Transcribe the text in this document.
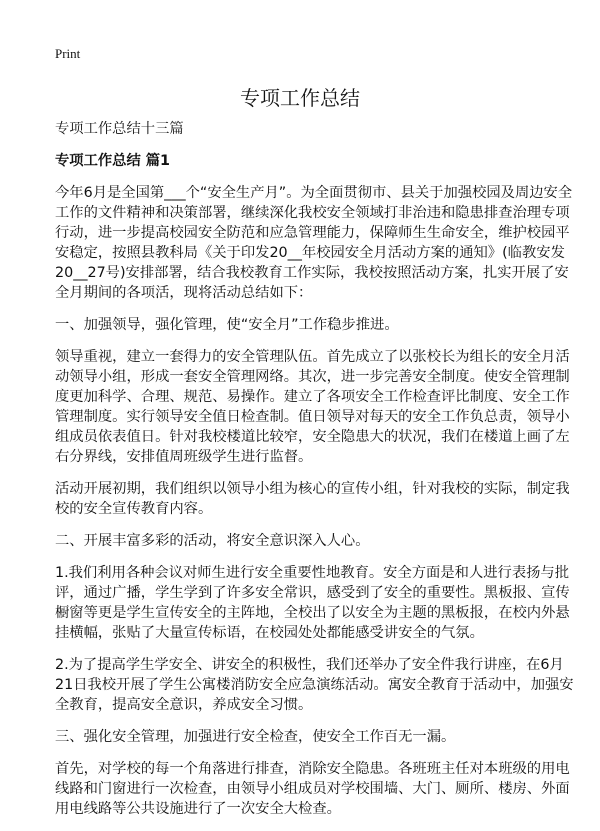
Print
专项工作总结
专项工作总结十三篇
专项工作总结 篇1
今年6月是全国第___个“安全生产月”。为全面贯彻市、县关于加强校园及周边安全
工作的文件精神和决策部署，继续深化我校安全领域打非治违和隐患排查治理专项
行动，进一步提高校园安全防范和应急管理能力，保障师生生命安全，维护校园平
安稳定，按照县教科局《关于印发20__年校园安全月活动方案的通知》(临教安发
20__27号)安排部署，结合我校教育工作实际，我校按照活动方案，扎实开展了安
全月期间的各项活，现将活动总结如下：
一、加强领导，强化管理，使“安全月”工作稳步推进。
领导重视，建立一套得力的安全管理队伍。首先成立了以张校长为组长的安全月活
动领导小组，形成一套安全管理网络。其次，进一步完善安全制度。使安全管理制
度更加科学、合理、规范、易操作。建立了各项安全工作检查评比制度、安全工作
管理制度。实行领导安全值日检查制。值日领导对每天的安全工作负总责，领导小
组成员依表值日。针对我校楼道比较窄，安全隐患大的状况，我们在楼道上画了左
右分界线，安排值周班级学生进行监督。
活动开展初期，我们组织以领导小组为核心的宣传小组，针对我校的实际，制定我
校的安全宣传教育内容。
二、开展丰富多彩的活动，将安全意识深入人心。
1.我们利用各种会议对师生进行安全重要性地教育。安全方面是和人进行表扬与批
评，通过广播，学生学到了许多安全常识，感受到了安全的重要性。黑板报、宣传
橱窗等更是学生宣传安全的主阵地，全校出了以安全为主题的黑板报，在校内外悬
挂横幅，张贴了大量宣传标语，在校园处处都能感受讲安全的气氛。
2.为了提高学生学安全、讲安全的积极性，我们还举办了安全件我行讲座，在6月
21日我校开展了学生公寓楼消防安全应急演练活动。寓安全教育于活动中，加强安
全教育，提高安全意识，养成安全习惯。
三、强化安全管理，加强进行安全检查，使安全工作百无一漏。
首先，对学校的每一个角落进行排查，消除安全隐患。各班班主任对本班级的用电
线路和门窗进行一次检查，由领导小组成员对学校围墙、大门、厕所、楼房、外面
用电线路等公共设施进行了一次安全大检查。
